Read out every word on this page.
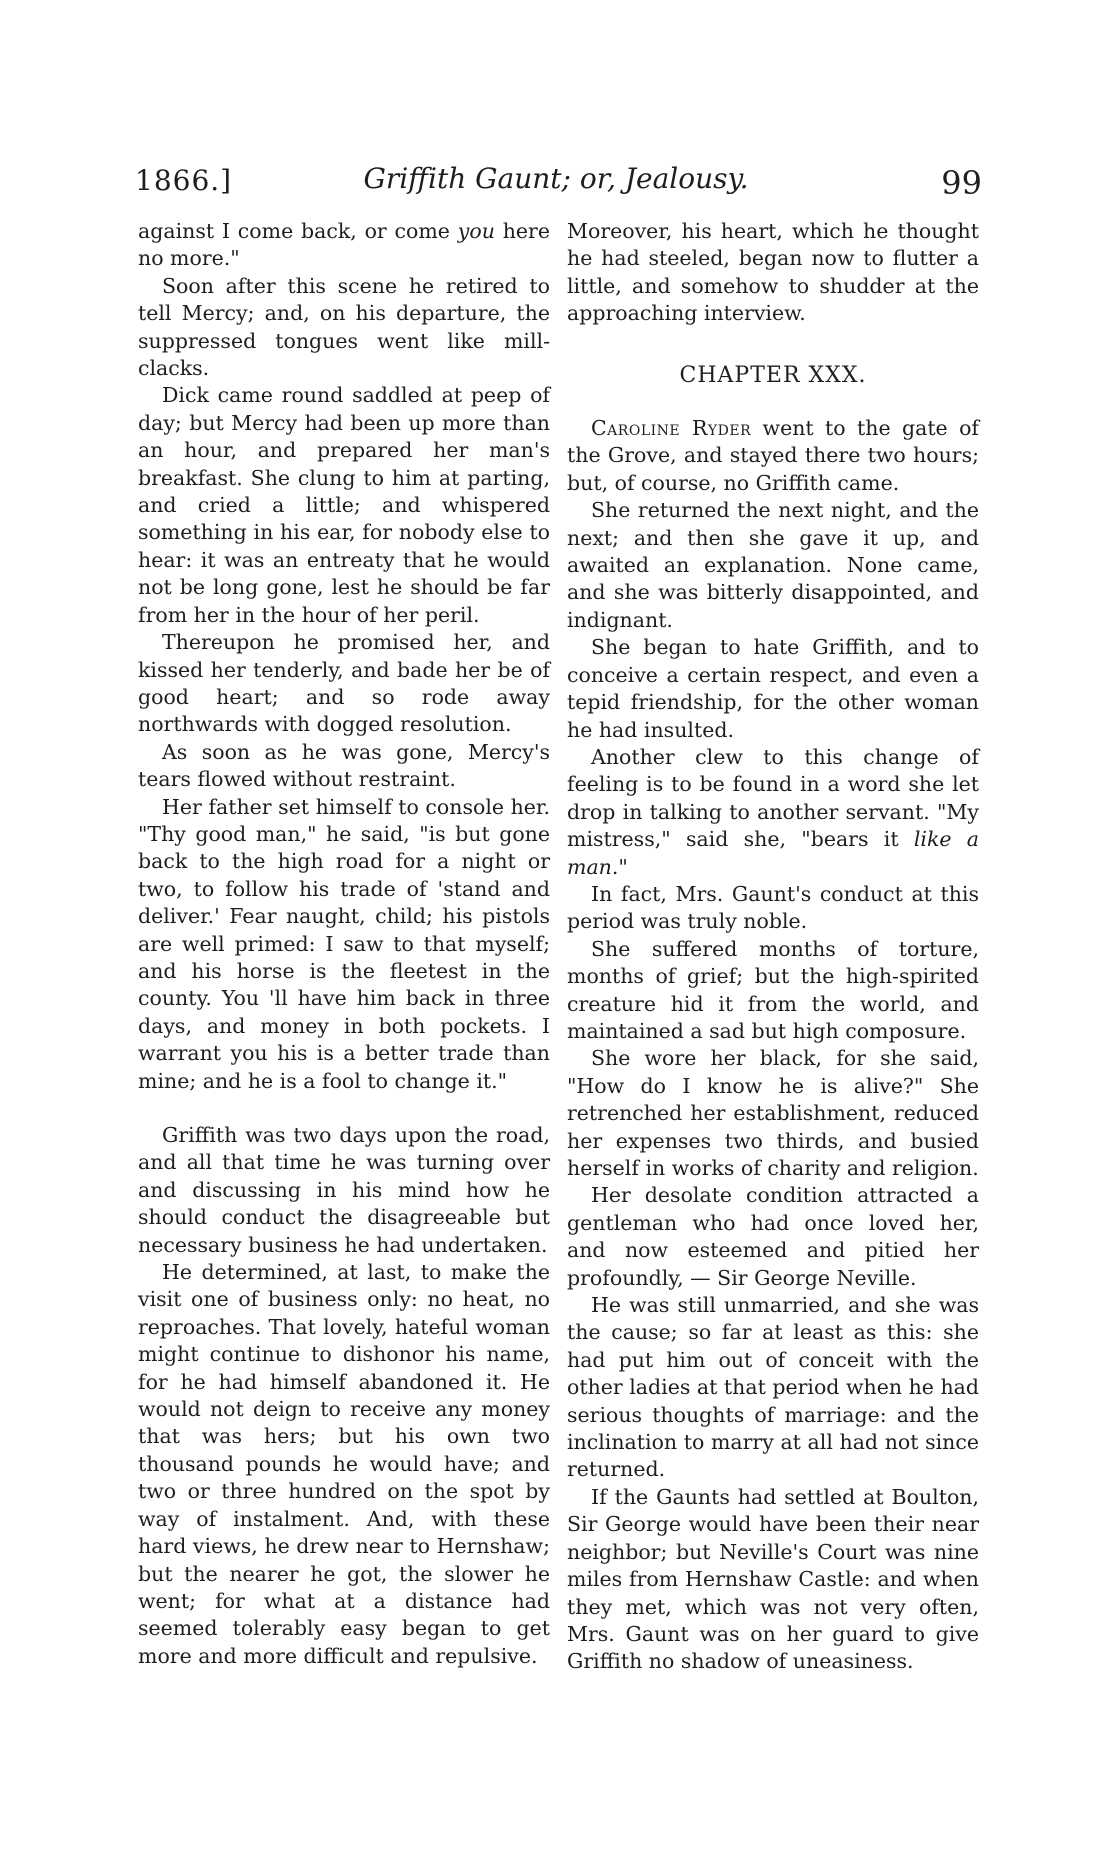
1866.]	Griffith Gaunt; or, Jealousy.	99

against I come back, or come you here no more."

Soon after this scene he retired to tell Mercy; and, on his departure, the suppressed tongues went like mill-clacks.

Dick came round saddled at peep of day; but Mercy had been up more than an hour, and prepared her man's breakfast. She clung to him at parting, and cried a little; and whispered something in his ear, for nobody else to hear: it was an entreaty that he would not be long gone, lest he should be far from her in the hour of her peril.

Thereupon he promised her, and kissed her tenderly, and bade her be of good heart; and so rode away northwards with dogged resolution.

As soon as he was gone, Mercy's tears flowed without restraint.

Her father set himself to console her. "Thy good man," he said, "is but gone back to the high road for a night or two, to follow his trade of 'stand and deliver.' Fear naught, child; his pistols are well primed: I saw to that myself; and his horse is the fleetest in the county. You 'll have him back in three days, and money in both pockets. I warrant you his is a better trade than mine; and he is a fool to change it."

Griffith was two days upon the road, and all that time he was turning over and discussing in his mind how he should conduct the disagreeable but necessary business he had undertaken.

He determined, at last, to make the visit one of business only: no heat, no reproaches. That lovely, hateful woman might continue to dishonor his name, for he had himself abandoned it. He would not deign to receive any money that was hers; but his own two thousand pounds he would have; and two or three hundred on the spot by way of instalment. And, with these hard views, he drew near to Hernshaw; but the nearer he got, the slower he went; for what at a distance had seemed tolerably easy began to get more and more difficult and repulsive.

Moreover, his heart, which he thought he had steeled, began now to flutter a little, and somehow to shudder at the approaching interview.

CHAPTER XXX.

Caroline Ryder went to the gate of the Grove, and stayed there two hours; but, of course, no Griffith came.

She returned the next night, and the next; and then she gave it up, and awaited an explanation. None came, and she was bitterly disappointed, and indignant.

She began to hate Griffith, and to conceive a certain respect, and even a tepid friendship, for the other woman he had insulted.

Another clew to this change of feeling is to be found in a word she let drop in talking to another servant. "My mistress," said she, "bears it like a man."

In fact, Mrs. Gaunt's conduct at this period was truly noble.

She suffered months of torture, months of grief; but the high-spirited creature hid it from the world, and maintained a sad but high composure.

She wore her black, for she said, "How do I know he is alive?" She retrenched her establishment, reduced her expenses two thirds, and busied herself in works of charity and religion.

Her desolate condition attracted a gentleman who had once loved her, and now esteemed and pitied her profoundly, — Sir George Neville.

He was still unmarried, and she was the cause; so far at least as this: she had put him out of conceit with the other ladies at that period when he had serious thoughts of marriage: and the inclination to marry at all had not since returned.

If the Gaunts had settled at Boulton, Sir George would have been their near neighbor; but Neville's Court was nine miles from Hernshaw Castle: and when they met, which was not very often, Mrs. Gaunt was on her guard to give Griffith no shadow of uneasiness.
